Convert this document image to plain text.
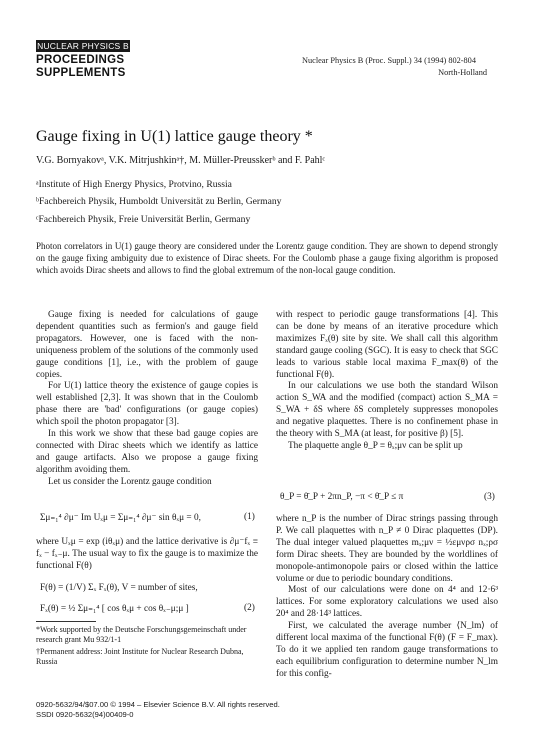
NUCLEAR PHYSICS B
PROCEEDINGS
SUPPLEMENTS
Nuclear Physics B (Proc. Suppl.) 34 (1994) 802-804
North-Holland
Gauge fixing in U(1) lattice gauge theory *
V.G. Bornyakovᵃ, V.K. Mitrjushkinᵃ†, M. Müller-Preusskerᵇ and F. Pahlᶜ
ᵃInstitute of High Energy Physics, Protvino, Russia
ᵇFachbereich Physik, Humboldt Universität zu Berlin, Germany
ᶜFachbereich Physik, Freie Universität Berlin, Germany
Photon correlators in U(1) gauge theory are considered under the Lorentz gauge condition. They are shown to depend strongly on the gauge fixing ambiguity due to existence of Dirac sheets. For the Coulomb phase a gauge fixing algorithm is proposed which avoids Dirac sheets and allows to find the global extremum of the non-local gauge condition.

Gauge fixing is needed for calculations of gauge dependent quantities such as fermion's and gauge field propagators. However, one is faced with the non-uniqueness problem of the solutions of the commonly used gauge conditions [1], i.e., with the problem of gauge copies.

For U(1) lattice theory the existence of gauge copies is well established [2,3]. It was shown that in the Coulomb phase there are 'bad' configurations (or gauge copies) which spoil the photon propagator [3].

In this work we show that these bad gauge copies are connected with Dirac sheets which we identify as lattice and gauge artifacts. Also we propose a gauge fixing algorithm avoiding them.

Let us consider the Lorentz gauge condition

Σμ₌₁⁴ ∂μ⁻ Im Uₓμ = Σμ₌₁⁴ ∂μ⁻ sin θₓμ = 0,	(1)

where Uₓμ = exp (iθₓμ) and the lattice derivative is ∂μ⁻fₓ ≡ fₓ − fₓ₋μ. The usual way to fix the gauge is to maximize the functional F(θ)

F(θ) = (1/V) Σₓ Fₓ(θ), V = number of sites,
Fₓ(θ) = ½ Σμ₌₁⁴ [ cos θₓμ + cos θₓ₋μ;μ ]	(2)
*Work supported by the Deutsche Forschungsgemeinschaft under research grant Mu 932/1-1
†Permanent address: Joint Institute for Nuclear Research Dubna, Russia

with respect to periodic gauge transformations [4]. This can be done by means of an iterative procedure which maximizes Fₓ(θ) site by site. We shall call this algorithm standard gauge cooling (SGC). It is easy to check that SGC leads to various stable local maxima F_max(θ) of the functional F(θ).

In our calculations we use both the standard Wilson action S_WA and the modified (compact) action S_MA = S_WA + δS where δS completely suppresses monopoles and negative plaquettes. There is no confinement phase in the theory with S_MA (at least, for positive β) [5].

The plaquette angle θ_P ≡ θₓ;μν can be split up

θ_P = θ̄_P + 2πn_P, −π < θ̄_P ≤ π	(3)

where n_P is the number of Dirac strings passing through P. We call plaquettes with n_P ≠ 0 Dirac plaquettes (DP). The dual integer valued plaquettes mₓ;μν = ½εμνρσ nₓ;ρσ form Dirac sheets. They are bounded by the worldlines of monopole-antimonopole pairs or closed within the lattice volume or due to periodic boundary conditions.

Most of our calculations were done on 4⁴ and 12·6³ lattices. For some exploratory calculations we used also 20⁴ and 28·14³ lattices.

First, we calculated the average number ⟨N_lm⟩ of different local maxima of the functional F(θ) (F = F_max). To do it we applied ten random gauge transformations to each equilibrium configuration to determine number N_lm for this config-

0920-5632/94/$07.00 © 1994 – Elsevier Science B.V. All rights reserved.
SSDI 0920-5632(94)00409-0
